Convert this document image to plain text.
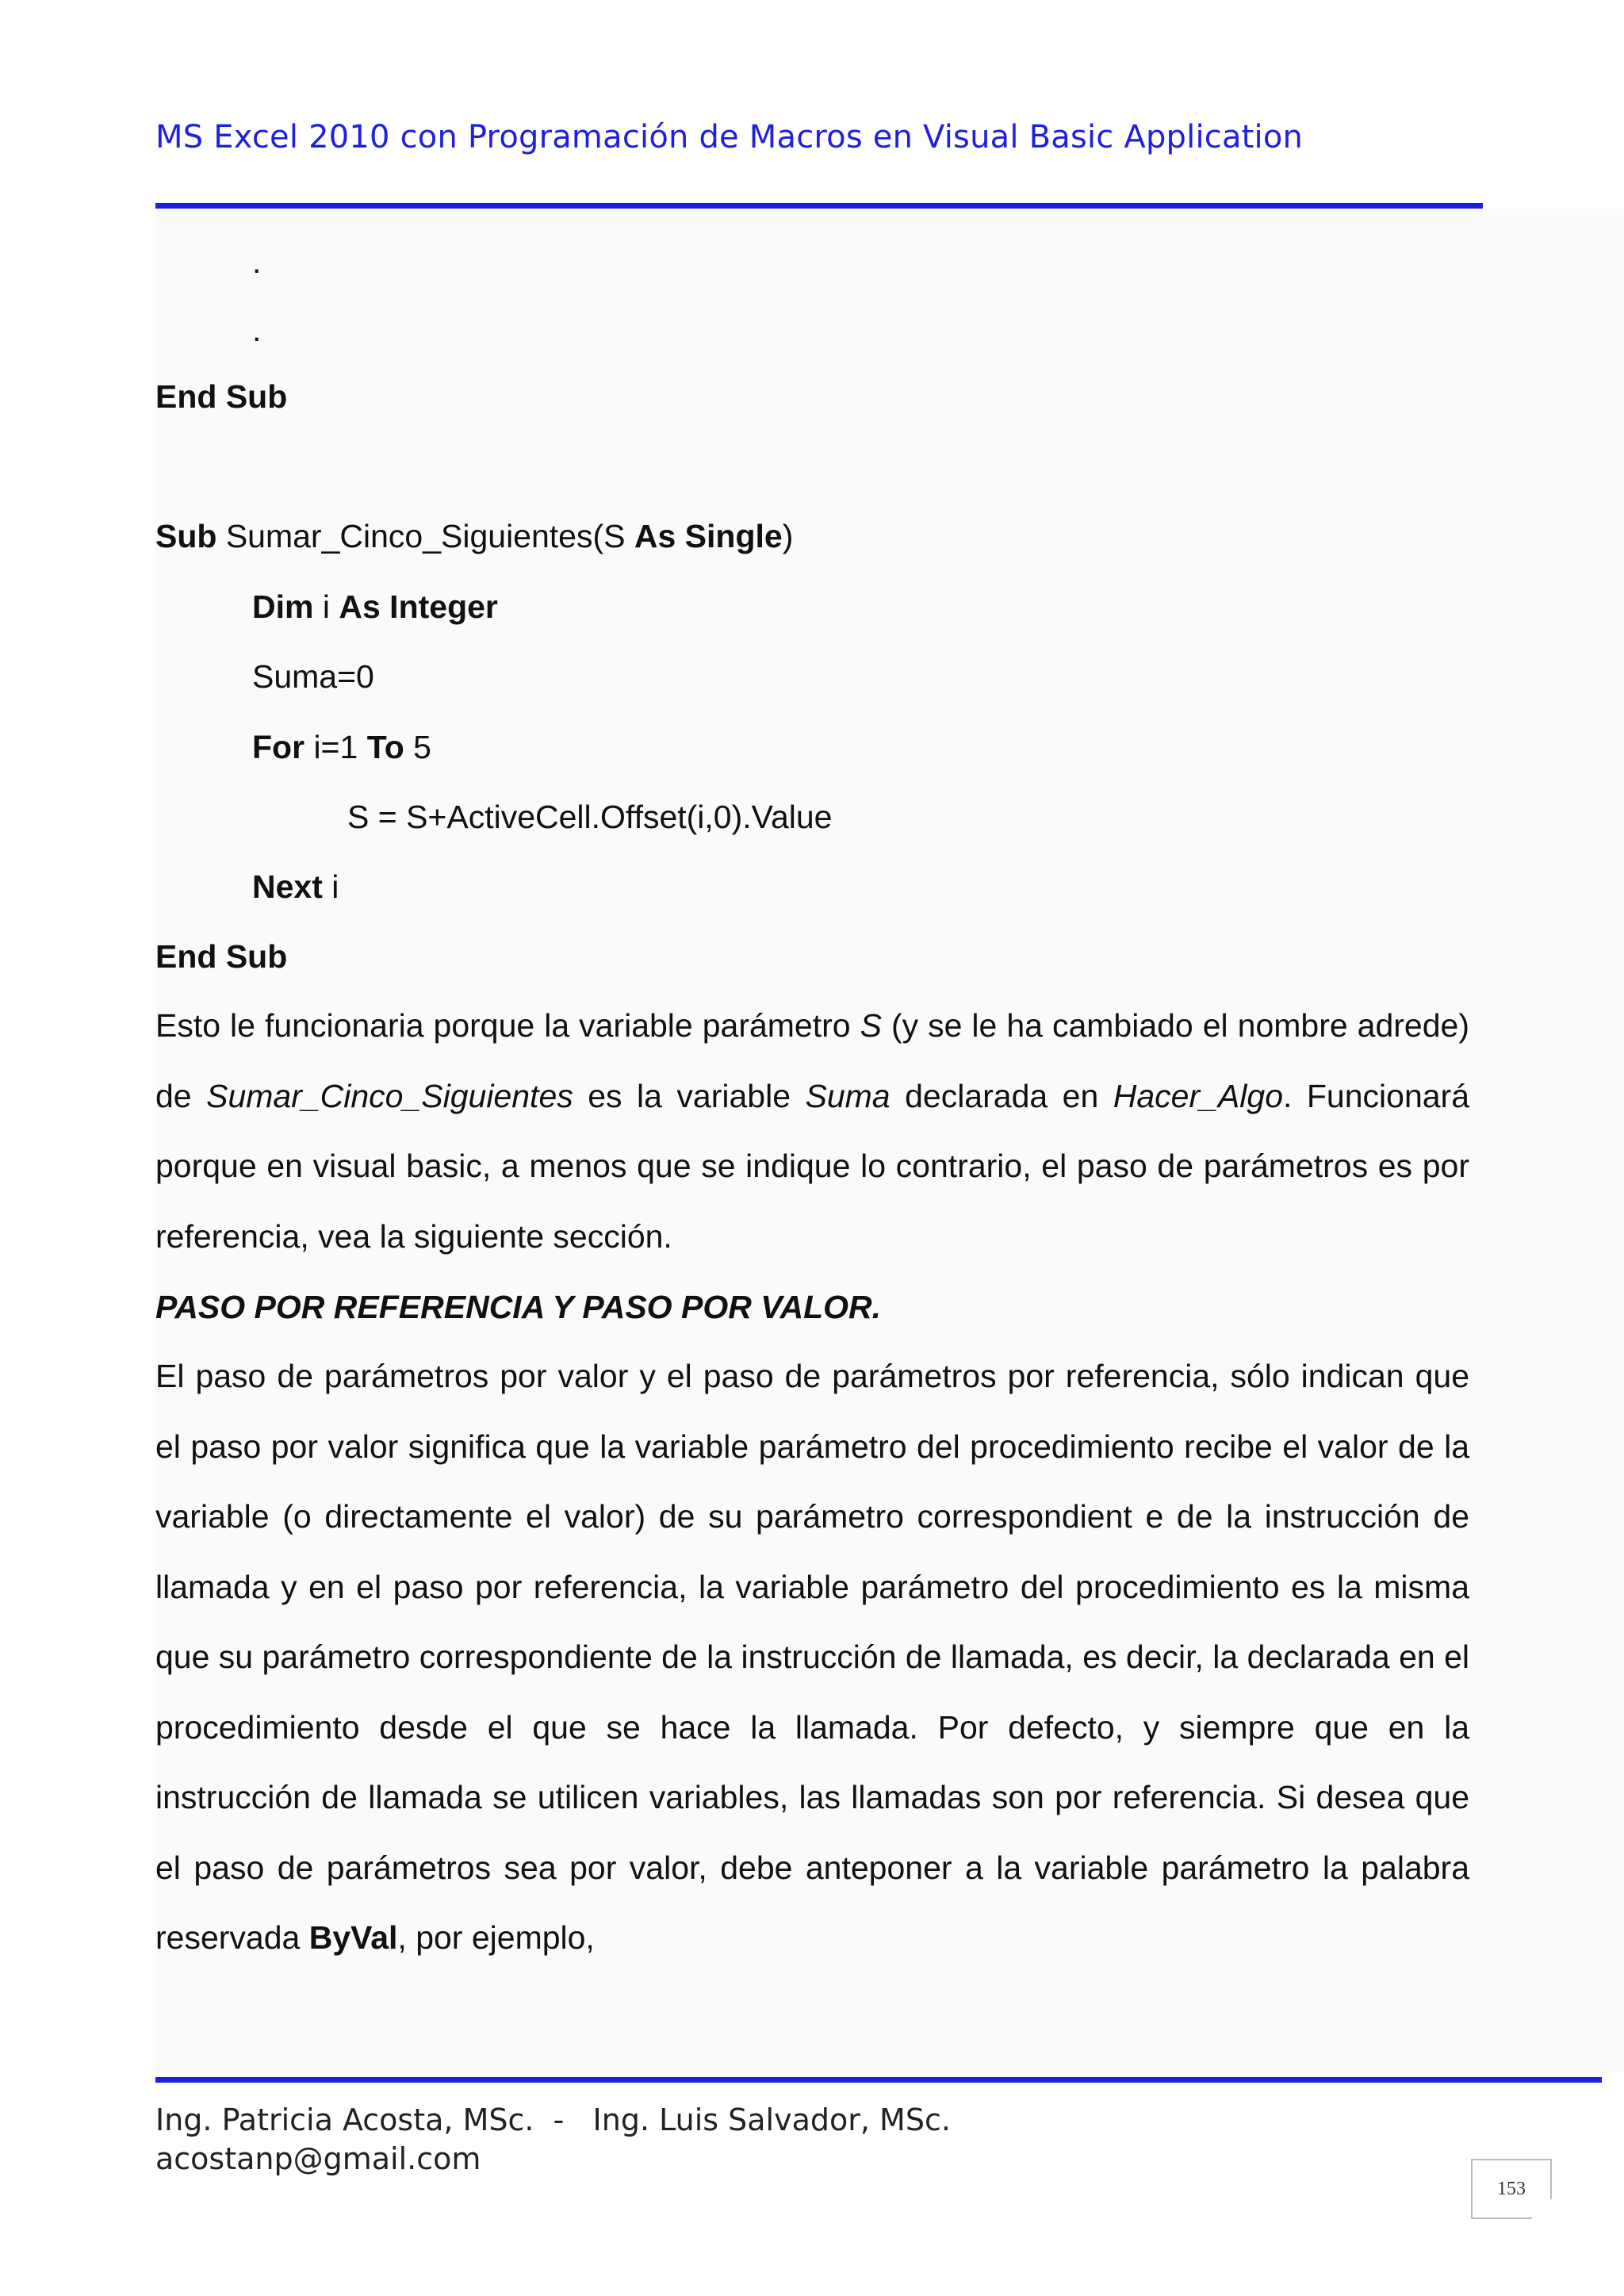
MS Excel 2010 con Programación de Macros en Visual Basic Application
.
.
End Sub
Sub Sumar_Cinco_Siguientes(S As Single)
Dim i As Integer
Suma=0
For i=1 To 5
S = S+ActiveCell.Offset(i,0).Value
Next i
End Sub
Esto le funcionaria porque la variable parámetro S (y se le ha cambiado el nombre adrede) de Sumar_Cinco_Siguientes es la variable Suma declarada en Hacer_Algo. Funcionará porque en visual basic, a menos que se indique lo contrario, el paso de parámetros es por referencia, vea la siguiente sección.
PASO POR REFERENCIA Y PASO POR VALOR.
El paso de parámetros por valor y el paso de parámetros por referencia, sólo indican que el paso por valor significa que la variable parámetro del procedimiento recibe el valor de la variable (o directamente el valor) de su parámetro correspondient e de la instrucción de llamada y en el paso por referencia, la variable parámetro del procedimiento es la misma que su parámetro correspondiente de la instrucción de llamada, es decir, la declarada en el procedimiento desde el que se hace la llamada. Por defecto, y siempre que en la instrucción de llamada se utilicen variables, las llamadas son por referencia. Si desea que el paso de parámetros sea por valor, debe anteponer a la variable parámetro la palabra reservada ByVal, por ejemplo,
Ing. Patricia Acosta, MSc.  -   Ing. Luis Salvador, MSc.
acostanp@gmail.com
153
